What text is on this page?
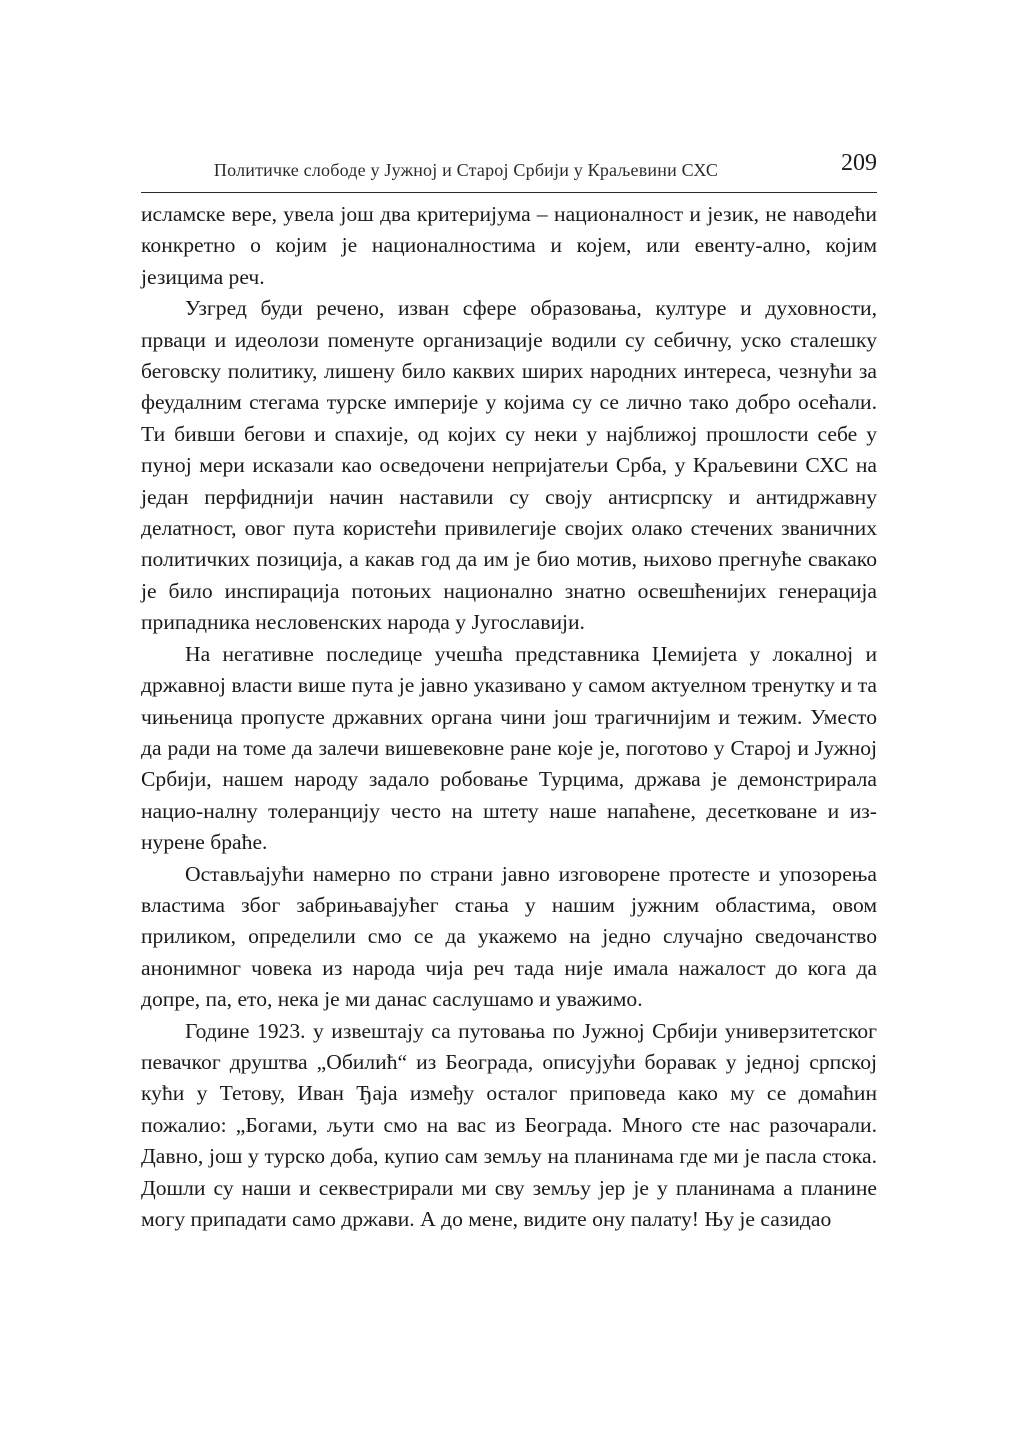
Политичке слободе у Јужној и Старој Србији у Краљевини СХС	209

исламске вере, увела још два критеријума – националност и језик, не наводећи конкретно о којим је националностима и којем, или евенту-ално, којим језицима реч.

Узгред буди речено, изван сфере образовања, културе и духовности, прваци и идеолози поменуте организације водили су себичну, уско сталешку беговску политику, лишену било каквих ширих народних интереса, чезнући за феудалним стегама турске империје у којима су се лично тако добро осећали. Ти бивши бегови и спахије, од којих су неки у најближој прошлости себе у пуној мери исказали као осведочени непријатељи Срба, у Краљевини СХС на један перфиднији начин наставили су своју антисрпску и антидржавну делатност, овог пута користећи привилегије својих олако стечених званичних политичких позиција, а какав год да им је био мотив, њихово прегнуће свакако је било инспирација потоњих национално знатно освешћенијих генерација припадника несловенских народа у Југославији.

На негативне последице учешћа представника Џемијета у локалној и државној власти више пута је јавно указивано у самом актуелном тренутку и та чињеница пропусте државних органа чини још трагичнијим и тежим. Уместо да ради на томе да залечи вишевековне ране које је, поготово у Старој и Јужној Србији, нашем народу задало робовање Турцима, држава је демонстрирала нацио-налну толеранцију често на штету наше напаћене, десетковане и из-нурене браће.

Остављајући намерно по страни јавно изговорене протесте и упозорења властима због забрињавајућег стања у нашим јужним областима, овом приликом, определили смо се да укажемо на једно случајно сведочанство анонимног човека из народа чија реч тада није имала нажалост до кога да допре, па, ето, нека је ми данас саслушамо и уважимо.

Године 1923. у извештају са путовања по Јужној Србији универзитетског певачког друштва „Обилић“ из Београда, описујући боравак у једној српској кући у Тетову, Иван Ђаја између осталог приповеда како му се домаћин пожалио: „Богами, љути смо на вас из Београда. Много сте нас разочарали. Давно, још у турско доба, купио сам земљу на планинама где ми је пасла стока. Дошли су наши и секвестрирали ми сву земљу јер је у планинама а планине могу припадати само држави. А до мене, видите ону палату! Њу је сазидао
